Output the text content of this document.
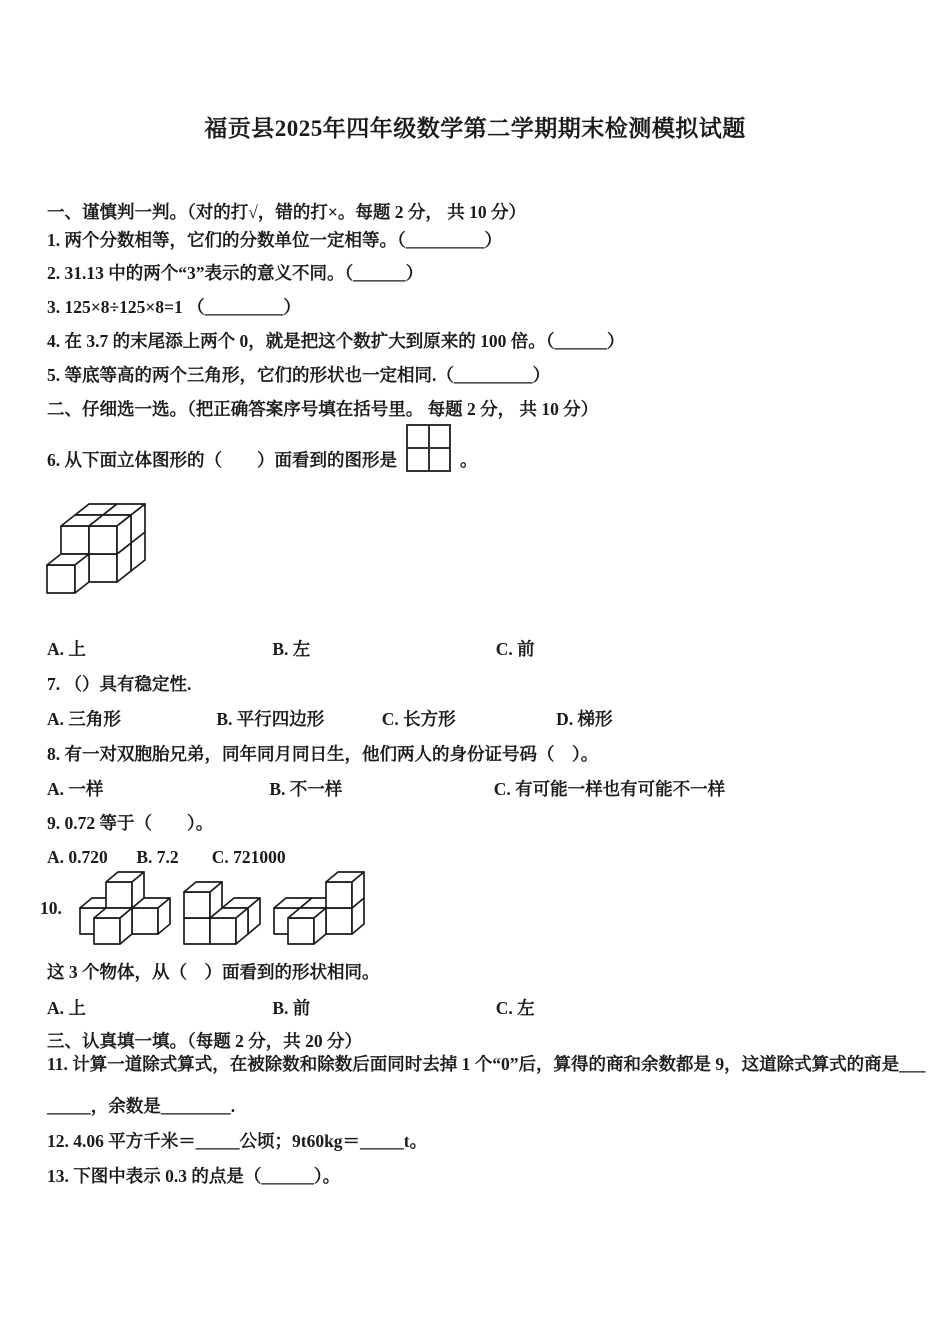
福贡县2025年四年级数学第二学期期末检测模拟试题
一、谨慎判一判。（对的打√，错的打×。每题 2 分， 共 10 分）
1. 两个分数相等，它们的分数单位一定相等。（_________）
2. 31.13 中的两个“3”表示的意义不同。（______）
3. 125×8÷125×8=1 （_________）
4. 在 3.7 的末尾添上两个 0，就是把这个数扩大到原来的 100 倍。（______）
5. 等底等高的两个三角形，它们的形状也一定相同.（_________）
二、仔细选一选。（把正确答案序号填在括号里。 每题 2 分， 共 10 分）
6. 从下面立体图形的（　　）面看到的图形是	。
A. 上	B. 左	C. 前
7. （）具有稳定性.
A. 三角形	B. 平行四边形	C. 长方形	D. 梯形
8. 有一对双胞胎兄弟，同年同月同日生，他们两人的身份证号码（　）。
A. 一样	B. 不一样	C. 有可能一样也有可能不一样
9. 0.72 等于（　　）。
A. 0.720 B. 7.2 C. 721000
10.
这 3 个物体，从（　）面看到的形状相同。
A. 上	B. 前	C. 左
三、认真填一填。（每题 2 分，共 20 分）
11. 计算一道除式算式，在被除数和除数后面同时去掉 1 个“0”后，算得的商和余数都是 9，这道除式算式的商是___
_____，余数是________.
12. 4.06 平方千米＝_____公顷；9t60kg＝_____t。
13. 下图中表示 0.3 的点是（______）。
